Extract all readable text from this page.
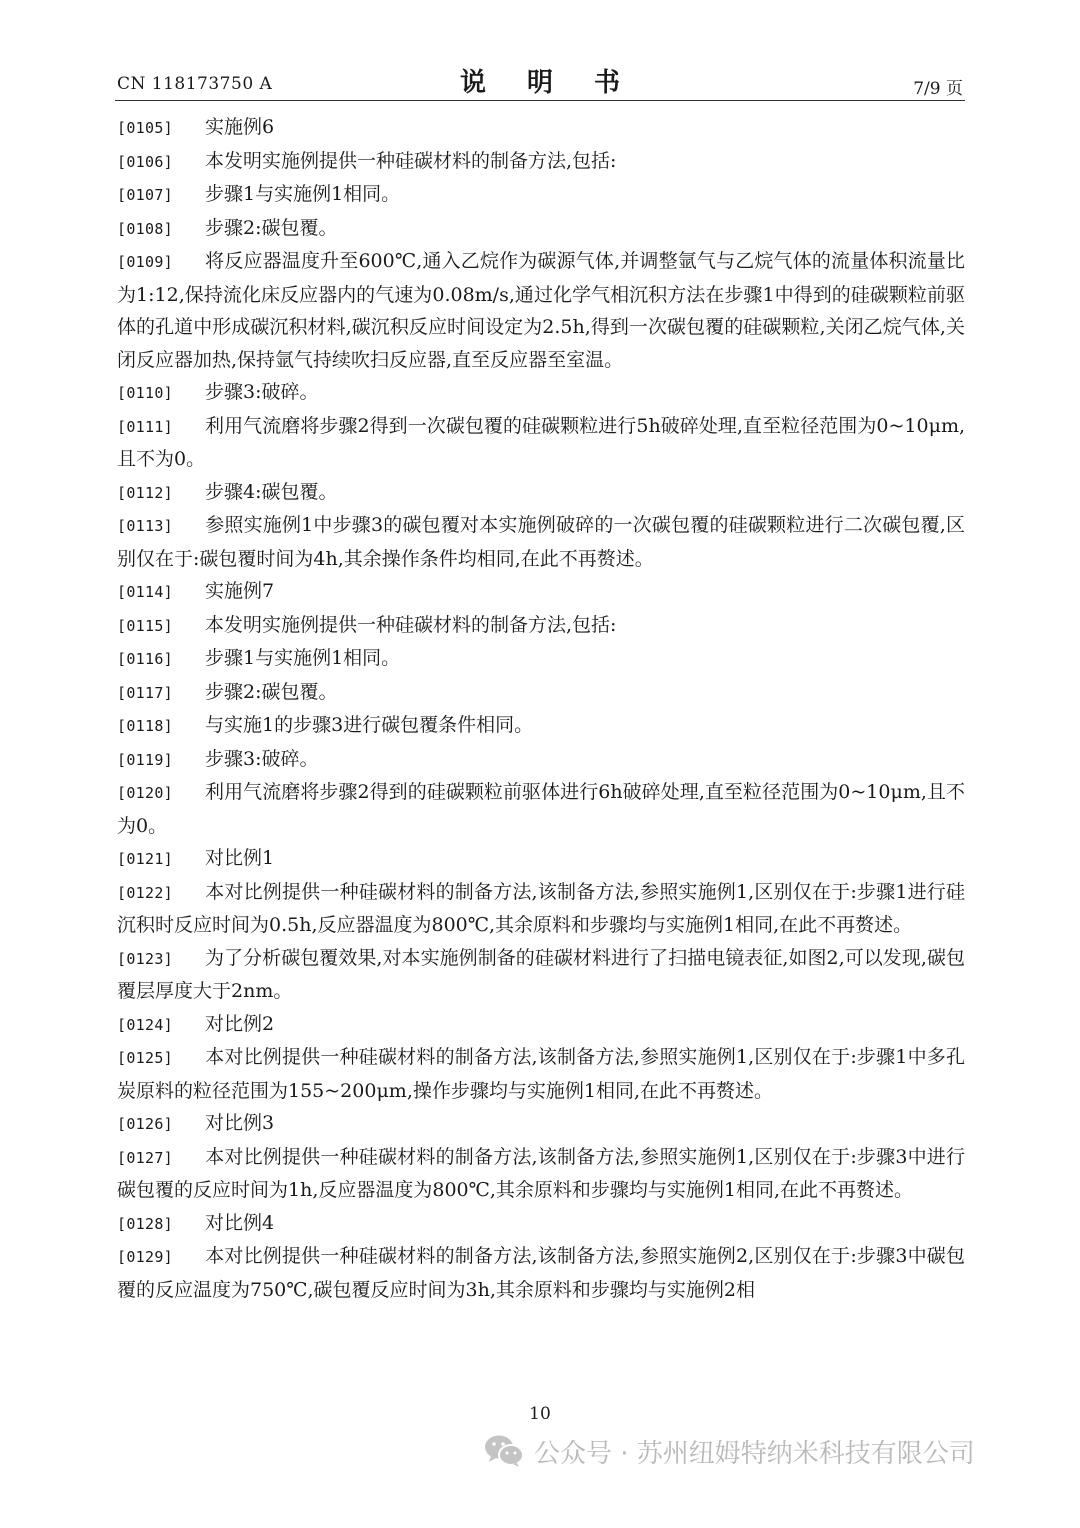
CN 118173750 A	说 明 书	7/9 页
[0105] 实施例6
[0106] 本发明实施例提供一种硅碳材料的制备方法,包括:
[0107] 步骤1与实施例1相同。
[0108] 步骤2:碳包覆。
[0109] 将反应器温度升至600℃,通入乙烷作为碳源气体,并调整氩气与乙烷气体的流量体积流量比为1:12,保持流化床反应器内的气速为0.08m/s,通过化学气相沉积方法在步骤1中得到的硅碳颗粒前驱体的孔道中形成碳沉积材料,碳沉积反应时间设定为2.5h,得到一次碳包覆的硅碳颗粒,关闭乙烷气体,关闭反应器加热,保持氩气持续吹扫反应器,直至反应器至室温。
[0110] 步骤3:破碎。
[0111] 利用气流磨将步骤2得到一次碳包覆的硅碳颗粒进行5h破碎处理,直至粒径范围为0~10μm,且不为0。
[0112] 步骤4:碳包覆。
[0113] 参照实施例1中步骤3的碳包覆对本实施例破碎的一次碳包覆的硅碳颗粒进行二次碳包覆,区别仅在于:碳包覆时间为4h,其余操作条件均相同,在此不再赘述。
[0114] 实施例7
[0115] 本发明实施例提供一种硅碳材料的制备方法,包括:
[0116] 步骤1与实施例1相同。
[0117] 步骤2:碳包覆。
[0118] 与实施1的步骤3进行碳包覆条件相同。
[0119] 步骤3:破碎。
[0120] 利用气流磨将步骤2得到的硅碳颗粒前驱体进行6h破碎处理,直至粒径范围为0~10μm,且不为0。
[0121] 对比例1
[0122] 本对比例提供一种硅碳材料的制备方法,该制备方法,参照实施例1,区别仅在于:步骤1进行硅沉积时反应时间为0.5h,反应器温度为800℃,其余原料和步骤均与实施例1相同,在此不再赘述。
[0123] 为了分析碳包覆效果,对本实施例制备的硅碳材料进行了扫描电镜表征,如图2,可以发现,碳包覆层厚度大于2nm。
[0124] 对比例2
[0125] 本对比例提供一种硅碳材料的制备方法,该制备方法,参照实施例1,区别仅在于:步骤1中多孔炭原料的粒径范围为155~200μm,操作步骤均与实施例1相同,在此不再赘述。
[0126] 对比例3
[0127] 本对比例提供一种硅碳材料的制备方法,该制备方法,参照实施例1,区别仅在于:步骤3中进行碳包覆的反应时间为1h,反应器温度为800℃,其余原料和步骤均与实施例1相同,在此不再赘述。
[0128] 对比例4
[0129] 本对比例提供一种硅碳材料的制备方法,该制备方法,参照实施例2,区别仅在于:步骤3中碳包覆的反应温度为750℃,碳包覆反应时间为3h,其余原料和步骤均与实施例2相
10
公众号 · 苏州纽姆特纳米科技有限公司
